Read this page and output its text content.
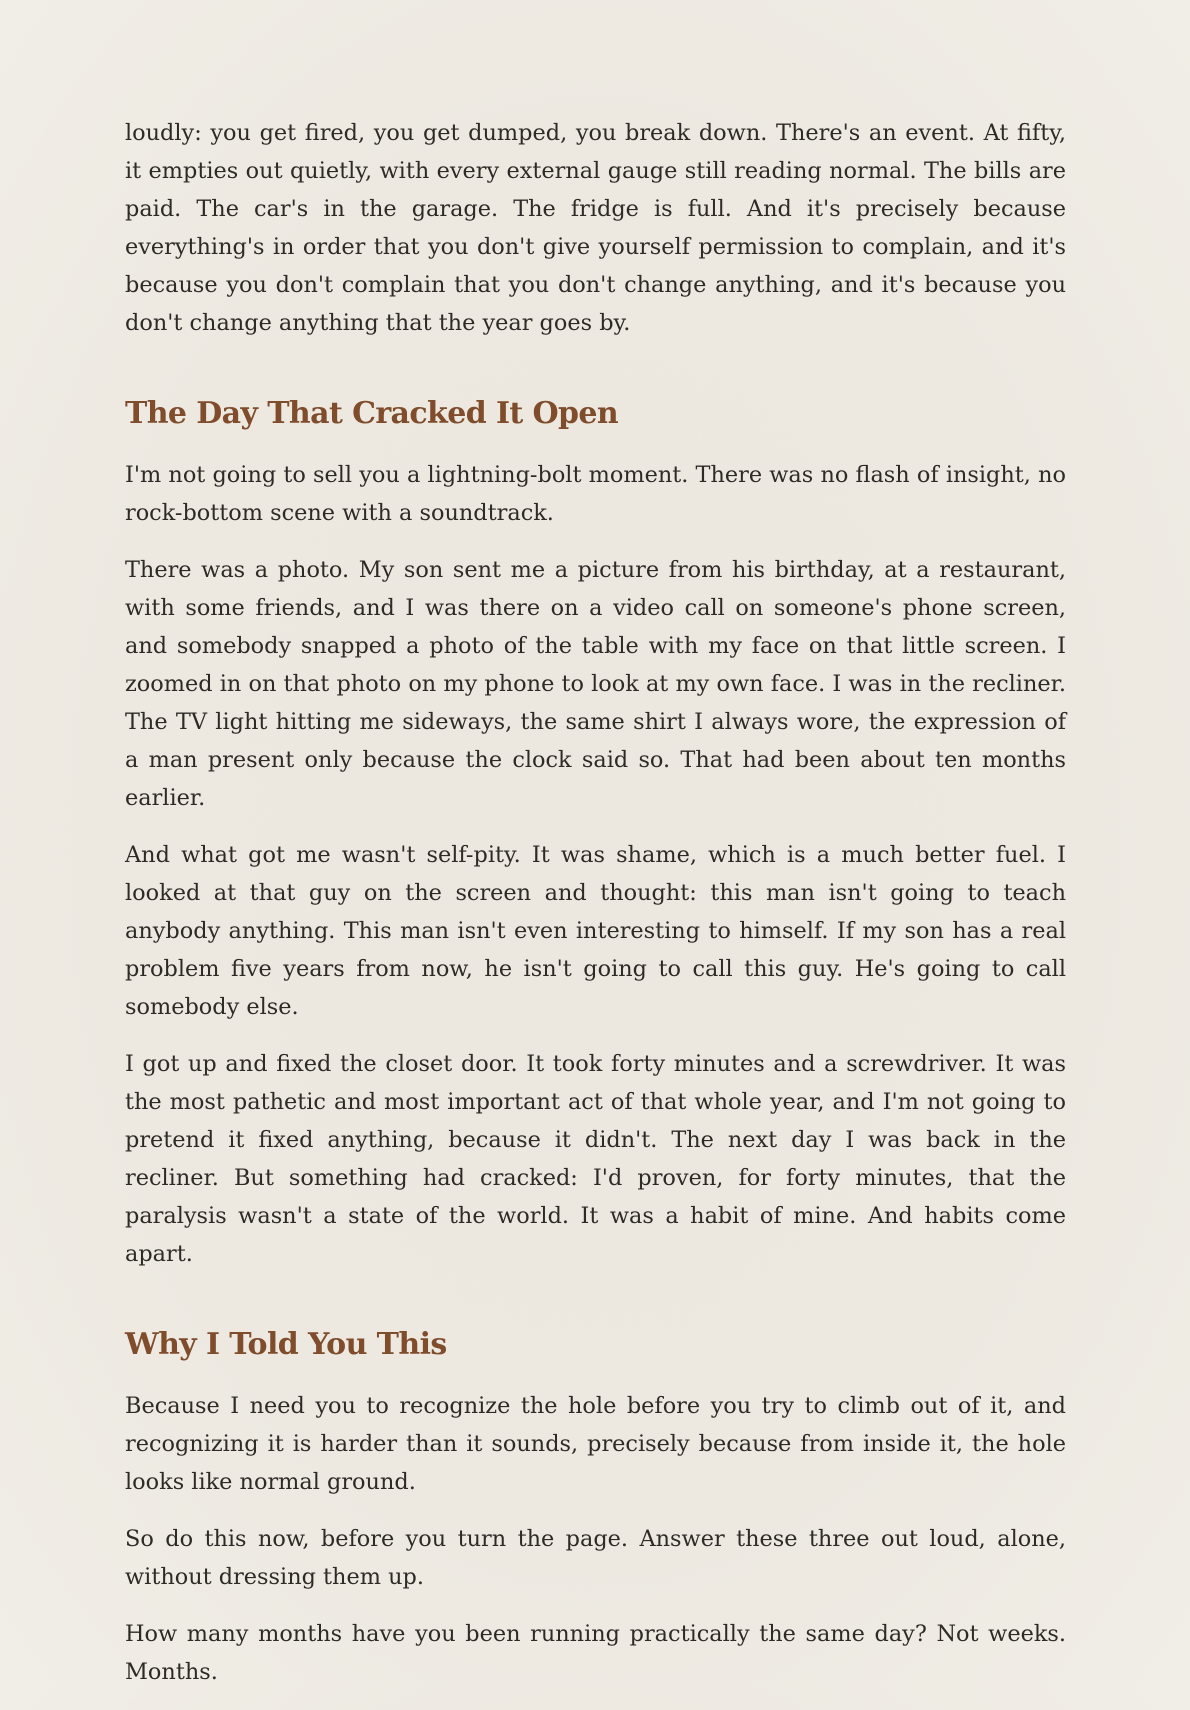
loudly: you get fired, you get dumped, you break down. There's an event. At fifty, it empties out quietly, with every external gauge still reading normal. The bills are paid. The car's in the garage. The fridge is full. And it's precisely because everything's in order that you don't give yourself permission to complain, and it's because you don't complain that you don't change anything, and it's because you don't change anything that the year goes by.

The Day That Cracked It Open

I'm not going to sell you a lightning-bolt moment. There was no flash of insight, no rock-bottom scene with a soundtrack.

There was a photo. My son sent me a picture from his birthday, at a restaurant, with some friends, and I was there on a video call on someone's phone screen, and somebody snapped a photo of the table with my face on that little screen. I zoomed in on that photo on my phone to look at my own face. I was in the recliner. The TV light hitting me sideways, the same shirt I always wore, the expression of a man present only because the clock said so. That had been about ten months earlier.

And what got me wasn't self-pity. It was shame, which is a much better fuel. I looked at that guy on the screen and thought: this man isn't going to teach anybody anything. This man isn't even interesting to himself. If my son has a real problem five years from now, he isn't going to call this guy. He's going to call somebody else.

I got up and fixed the closet door. It took forty minutes and a screwdriver. It was the most pathetic and most important act of that whole year, and I'm not going to pretend it fixed anything, because it didn't. The next day I was back in the recliner. But something had cracked: I'd proven, for forty minutes, that the paralysis wasn't a state of the world. It was a habit of mine. And habits come apart.

Why I Told You This

Because I need you to recognize the hole before you try to climb out of it, and recognizing it is harder than it sounds, precisely because from inside it, the hole looks like normal ground.

So do this now, before you turn the page. Answer these three out loud, alone, without dressing them up.

How many months have you been running practically the same day? Not weeks. Months.
